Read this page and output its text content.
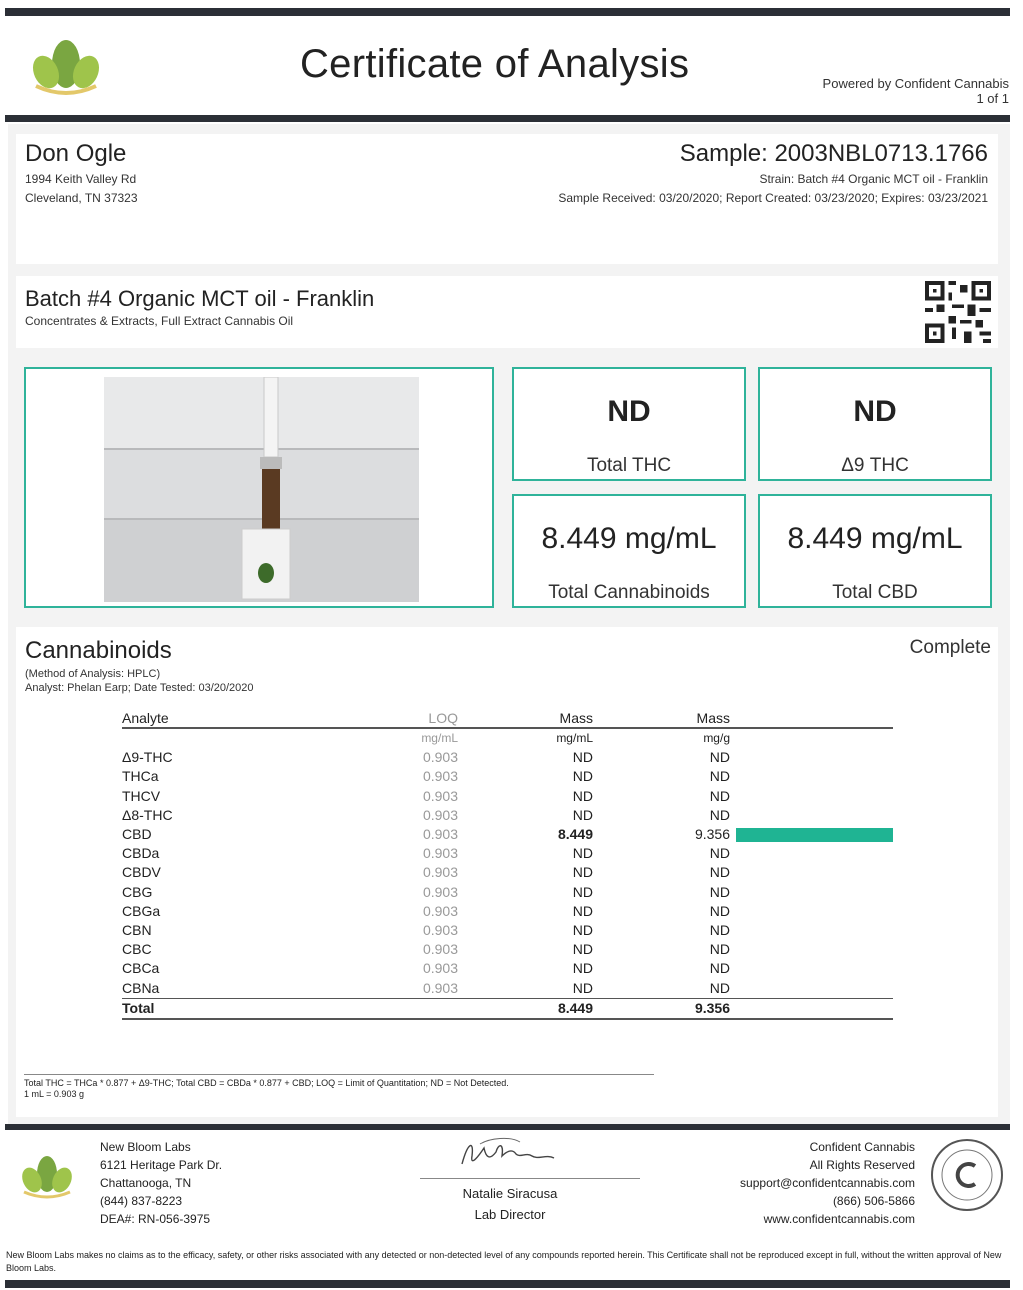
Certificate of Analysis	Powered by Confident Cannabis
1 of 1
Don Ogle
1994 Keith Valley Rd
Cleveland, TN 37323
Sample: 2003NBL0713.1766
Strain: Batch #4 Organic MCT oil - Franklin
Sample Received: 03/20/2020; Report Created: 03/23/2020; Expires: 03/23/2021
Batch #4 Organic MCT oil - Franklin
Concentrates & Extracts, Full Extract Cannabis Oil
ND
Total THC
ND
Δ9 THC
8.449 mg/mL
Total Cannabinoids
8.449 mg/mL
Total CBD
Cannabinoids
(Method of Analysis: HPLC)
Analyst: Phelan Earp; Date Tested: 03/20/2020
Complete
Analyte	LOQ	Mass	Mass	
	mg/mL	mg/mL	mg/g	
Δ9-THC	0.903	ND	ND	
THCa	0.903	ND	ND	
THCV	0.903	ND	ND	
Δ8-THC	0.903	ND	ND	
CBD	0.903	8.449	9.356	

CBDa	0.903	ND	ND	
CBDV	0.903	ND	ND	
CBG	0.903	ND	ND	
CBGa	0.903	ND	ND	
CBN	0.903	ND	ND	
CBC	0.903	ND	ND	
CBCa	0.903	ND	ND	
CBNa	0.903	ND	ND	
Total		8.449	9.356	
Total THC = THCa * 0.877 + Δ9-THC; Total CBD = CBDa * 0.877 + CBD; LOQ = Limit of Quantitation; ND = Not Detected.
1 mL = 0.903 g
New Bloom Labs
6121 Heritage Park Dr.
Chattanooga, TN
(844) 837-8223
DEA#: RN-056-3975
Natalie Siracusa
Lab Director
Confident Cannabis
All Rights Reserved
support@confidentcannabis.com
(866) 506-5866
www.confidentcannabis.com
New Bloom Labs makes no claims as to the efficacy, safety, or other risks associated with any detected or non-detected level of any compounds reported herein. This Certificate shall not be reproduced except in full, without the written approval of New Bloom Labs.
